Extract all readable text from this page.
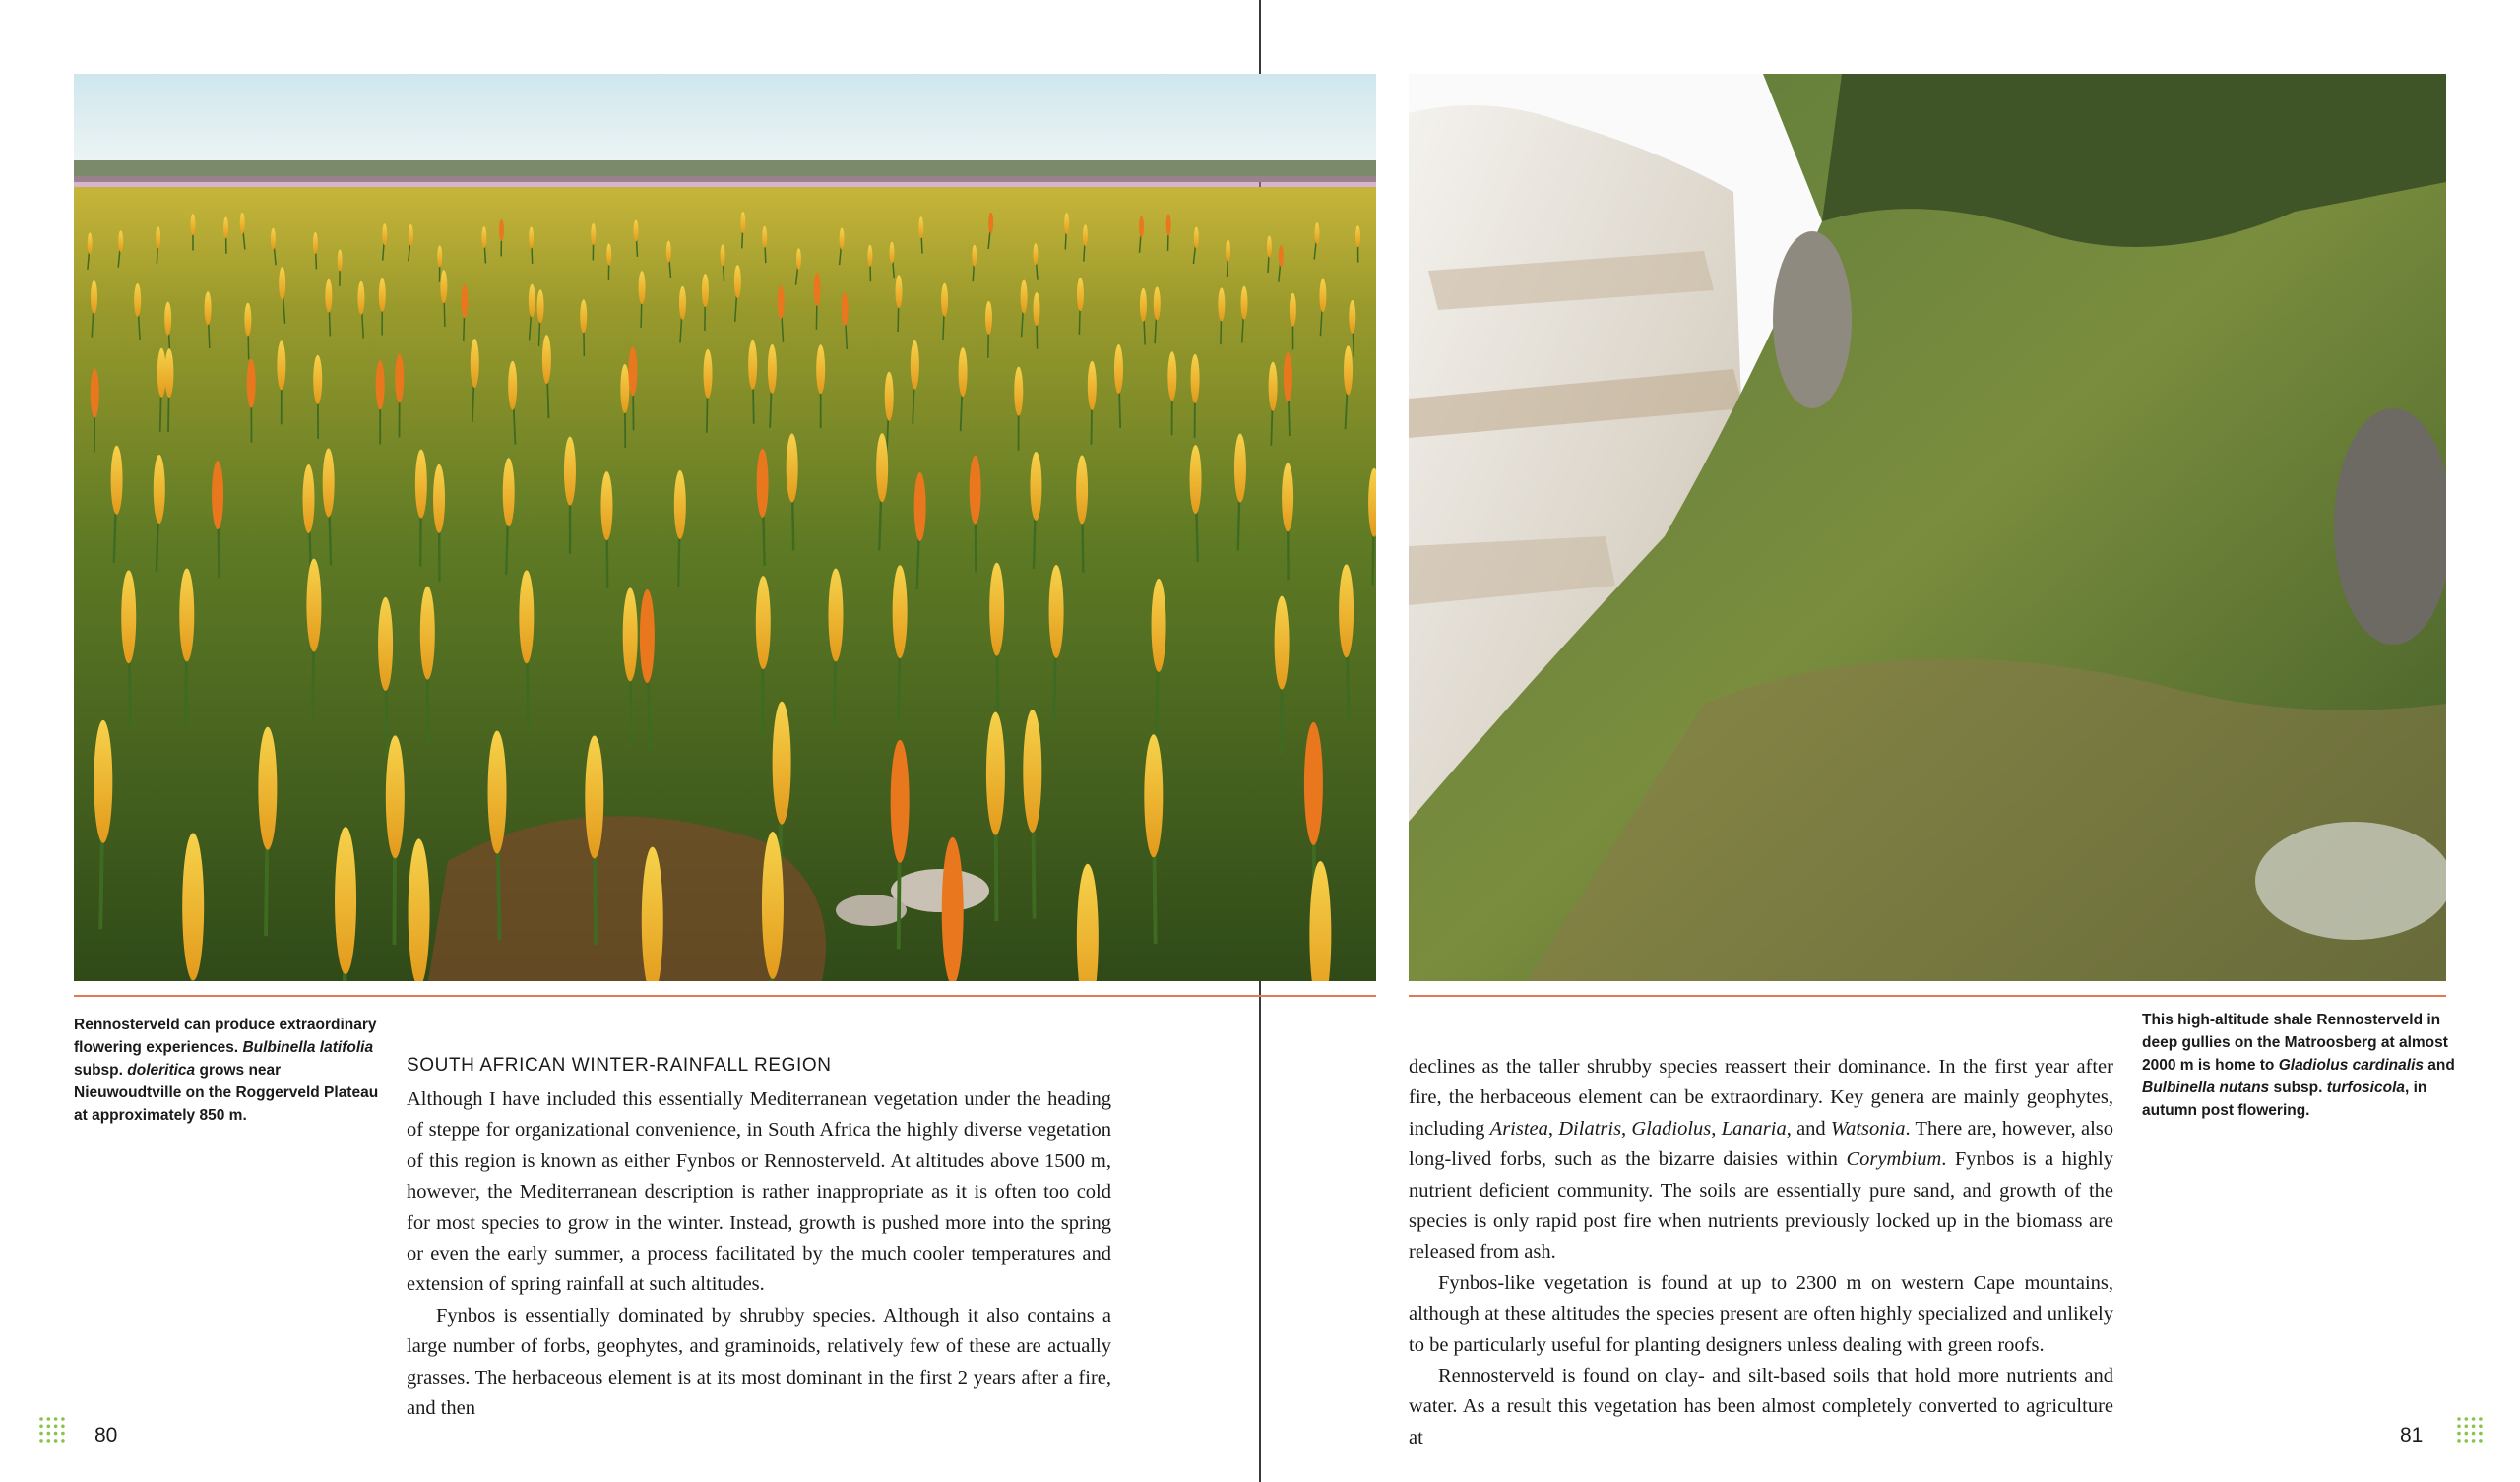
Rennosterveld can produce extraordinary flowering experiences. Bulbinella latifolia subsp. doleritica grows near Nieuwoudtville on the Roggerveld Plateau at approximately 850 m.
This high-altitude shale Rennosterveld in deep gullies on the Matroosberg at almost 2000 m is home to Gladiolus cardinalis and Bulbinella nutans subsp. turfosicola, in autumn post flowering.
SOUTH AFRICAN WINTER-RAINFALL REGION

Although I have included this essentially Mediterranean vegetation under the heading of steppe for organizational convenience, in South Africa the highly diverse vegetation of this region is known as either Fynbos or Rennosterveld. At altitudes above 1500 m, however, the Mediterranean description is rather inappropriate as it is often too cold for most species to grow in the winter. Instead, growth is pushed more into the spring or even the early summer, a process facilitated by the much cooler temperatures and extension of spring rainfall at such altitudes.

Fynbos is essentially dominated by shrubby species. Although it also contains a large number of forbs, geophytes, and graminoids, relatively few of these are actually grasses. The herbaceous element is at its most dominant in the first 2 years after a fire, and then

declines as the taller shrubby species reassert their dominance. In the first year after fire, the herbaceous element can be extraordinary. Key genera are mainly geophytes, including Aristea, Dilatris, Gladiolus, Lanaria, and Watsonia. There are, however, also long-lived forbs, such as the bizarre daisies within Corymbium. Fynbos is a highly nutrient deficient community. The soils are essentially pure sand, and growth of the species is only rapid post fire when nutrients previously locked up in the biomass are released from ash.

Fynbos-like vegetation is found at up to 2300 m on western Cape mountains, although at these altitudes the species present are often highly specialized and unlikely to be particularly useful for planting designers unless dealing with green roofs.

Rennosterveld is found on clay- and silt-based soils that hold more nutrients and water. As a result this vegetation has been almost completely converted to agriculture at

80	81
